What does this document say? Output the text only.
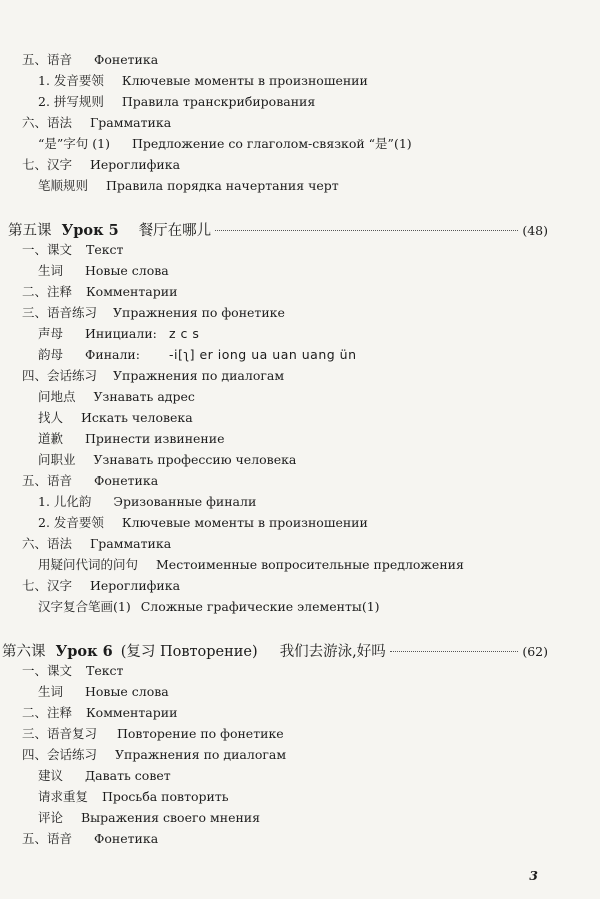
五、语音 Фонетика
1. 发音要领 Ключевые моменты в произношении
2. 拼写规则 Правила транскрибирования
六、语法 Грамматика
“是”字句 (1) Предложение со глаголом-связкой “是”(1)
七、汉字 Иероглифика
笔顺规则 Правила порядка начертания черт
第五课 Урок 5 餐厅在哪儿	(48)
一、课文 Текст
生词 Новые слова
二、注释 Комментарии
三、语音练习 Упражнения по фонетике
声母 Инициали: z c s
韵母 Финали: -i[ʅ] er iong ua uan uang ün
四、会话练习 Упражнения по диалогам
问地点 Узнавать адрес
找人 Искать человека
道歉 Принести извинение
问职业 Узнавать профессию человека
五、语音 Фонетика
1. 儿化韵 Эризованные финали
2. 发音要领 Ключевые моменты в произношении
六、语法 Грамматика
用疑问代词的问句 Местоименные вопросительные предложения
七、汉字 Иероглифика
汉字复合笔画(1) Сложные графические элементы(1)
第六课 Урок 6 (复习 Повторение) 我们去游泳,好吗	(62)
一、课文 Текст
生词 Новые слова
二、注释 Комментарии
三、语音复习 Повторение по фонетике
四、会话练习 Упражнения по диалогам
建议 Давать совет
请求重复 Просьба повторить
评论 Выражения своего мнения
五、语音 Фонетика
3
